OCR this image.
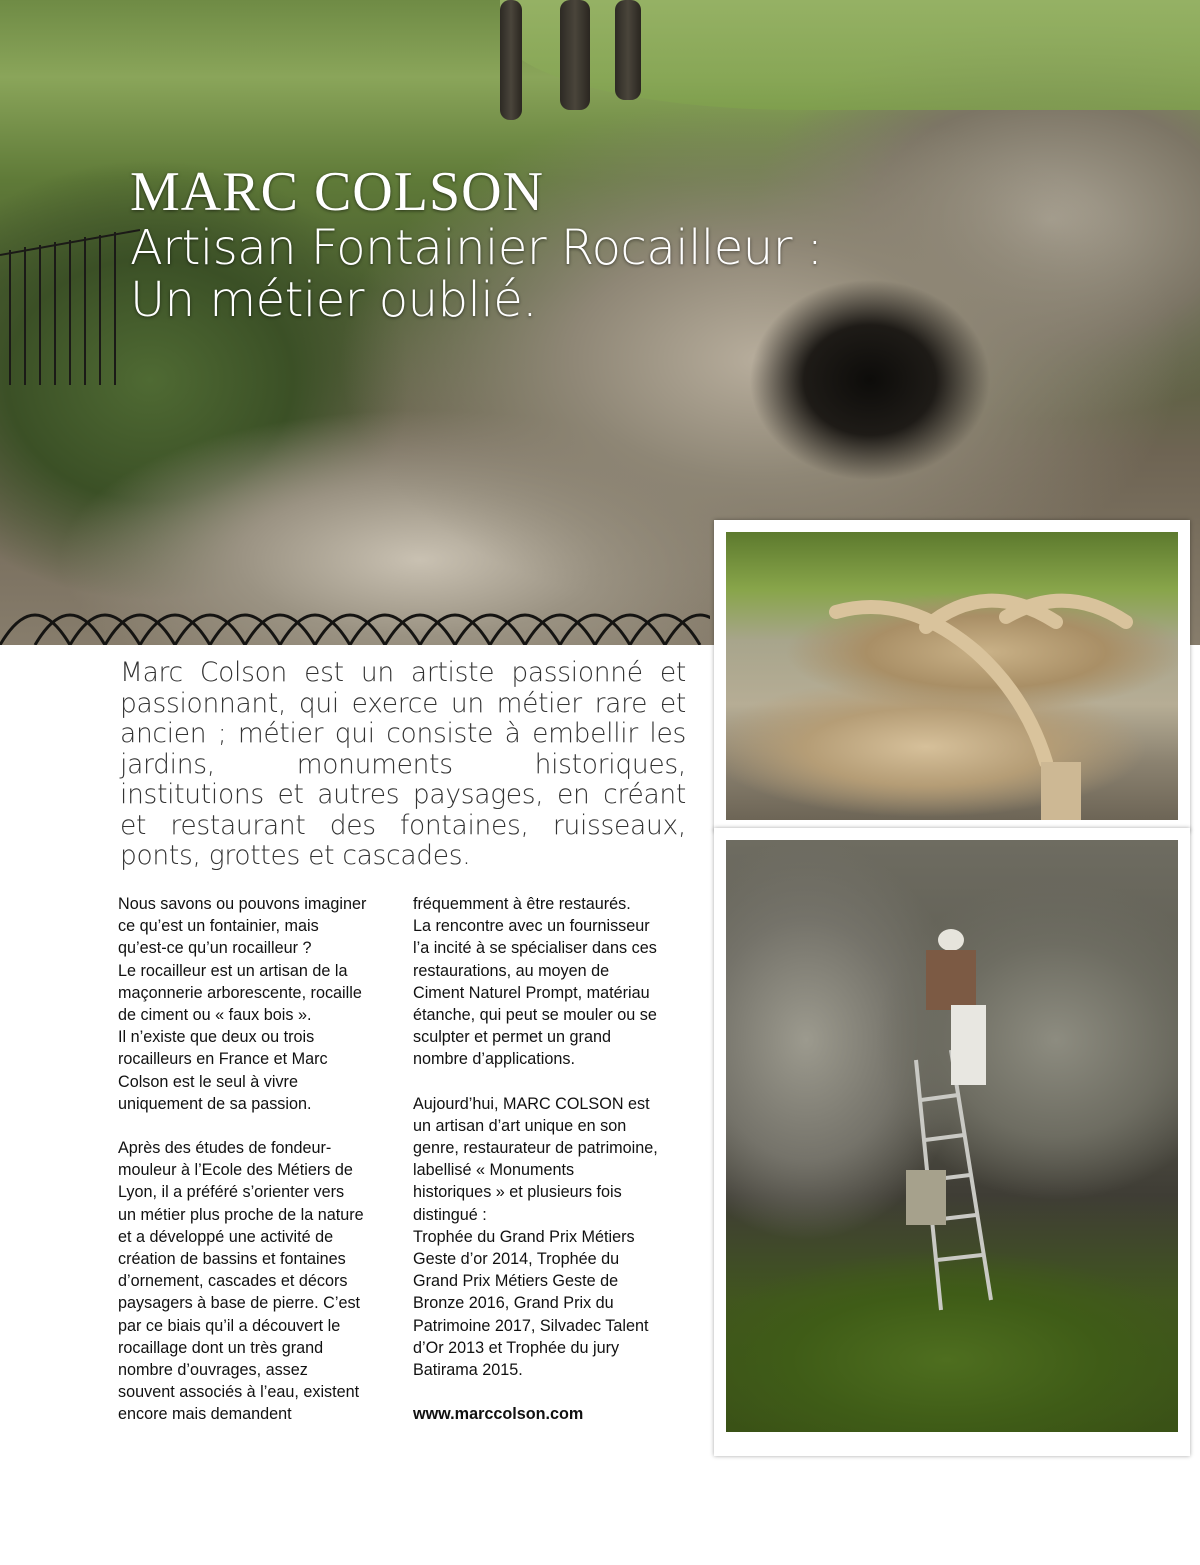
MARC COLSON
Artisan Fontainier Rocailleur :
Un métier oublié.
Marc Colson est un artiste passionné et passionnant, qui exerce un métier rare et ancien ; métier qui consiste à embellir les jardins, monuments historiques, institutions et autres paysages, en créant et restaurant des fontaines, ruisseaux, ponts, grottes et cascades.

Nous savons ou pouvons imaginer

ce qu’est un fontainier, mais

qu’est-ce qu’un rocailleur ?

Le rocailleur est un artisan de la

maçonnerie arborescente, rocaille

de ciment ou « faux bois ».

Il n’existe que deux ou trois

rocailleurs en France et Marc

Colson est le seul à vivre

uniquement de sa passion.

Après des études de fondeur-

mouleur à l’Ecole des Métiers de

Lyon, il a préféré s’orienter vers

un métier plus proche de la nature

et a développé une activité de

création de bassins et fontaines

d’ornement, cascades et décors

paysagers à base de pierre. C’est

par ce biais qu’il a découvert le

rocaillage dont un très grand

nombre d’ouvrages, assez

souvent associés à l’eau, existent

encore mais demandent

fréquemment à être restaurés.

La rencontre avec un fournisseur

l’a incité à se spécialiser dans ces

restaurations, au moyen de

Ciment Naturel Prompt, matériau

étanche, qui peut se mouler ou se

sculpter et permet un grand

nombre d’applications.

Aujourd’hui, MARC COLSON est

un artisan d’art unique en son

genre, restaurateur de patrimoine,

labellisé « Monuments

historiques » et plusieurs fois

distingué :

Trophée du Grand Prix Métiers

Geste d’or 2014, Trophée du

Grand Prix Métiers Geste de

Bronze 2016, Grand Prix du

Patrimoine 2017, Silvadec Talent

d’Or 2013 et Trophée du jury

Batirama 2015.

www.marccolson.com
